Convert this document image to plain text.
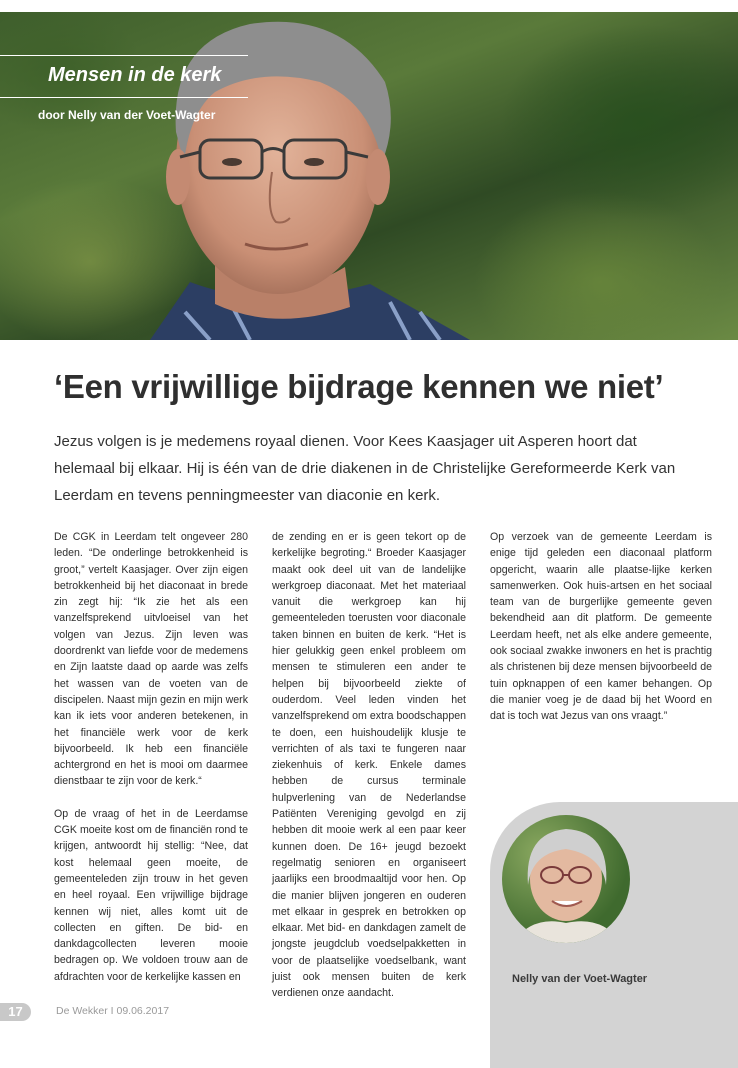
Mensen in de kerk
door Nelly van der Voet-Wagter
‘Een vrijwillige bijdrage kennen we niet’
Jezus volgen is je medemens royaal dienen. Voor Kees Kaasjager uit Asperen hoort dat helemaal bij elkaar. Hij is één van de drie diakenen in de Christelijke Gereformeerde Kerk van Leerdam en tevens penningmeester van diaconie en kerk.

De CGK in Leerdam telt ongeveer 280 leden. “De onderlinge betrokkenheid is groot,” vertelt Kaasjager. Over zijn eigen betrokkenheid bij het diaconaat in brede zin zegt hij: “Ik zie het als een vanzelfsprekend uitvloeisel van het volgen van Jezus. Zijn leven was doordrenkt van liefde voor de medemens en Zijn laatste daad op aarde was zelfs het wassen van de voeten van de discipelen. Naast mijn gezin en mijn werk kan ik iets voor anderen betekenen, in het financiële werk voor de kerk bijvoorbeeld. Ik heb een financiële achtergrond en het is mooi om daarmee dienstbaar te zijn voor de kerk.“

Op de vraag of het in de Leerdamse CGK moeite kost om de financiën rond te krijgen, antwoordt hij stellig: “Nee, dat kost helemaal geen moeite, de gemeenteleden zijn trouw in het geven en heel royaal. Een vrijwillige bijdrage kennen wij niet, alles komt uit de collecten en giften. De bid- en dankdagcollecten leveren mooie bedragen op. We voldoen trouw aan de afdrachten voor de kerkelijke kassen en

de zending en er is geen tekort op de kerkelijke begroting.“ Broeder Kaasjager maakt ook deel uit van de landelijke werkgroep diaconaat. Met het materiaal vanuit die werkgroep kan hij gemeenteleden toerusten voor diaconale taken binnen en buiten de kerk. “Het is hier gelukkig geen enkel probleem om mensen te stimuleren een ander te helpen bij bijvoorbeeld ziekte of ouderdom. Veel leden vinden het vanzelfsprekend om extra boodschappen te doen, een huishoudelijk klusje te verrichten of als taxi te fungeren naar ziekenhuis of kerk. Enkele dames hebben de cursus terminale hulpverlening van de Nederlandse Patiënten Vereniging gevolgd en zij hebben dit mooie werk al een paar keer kunnen doen. De 16+ jeugd bezoekt regelmatig senioren en organiseert jaarlijks een broodmaaltijd voor hen. Op die manier blijven jongeren en ouderen met elkaar in gesprek en betrokken op elkaar. Met bid- en dankdagen zamelt de jongste jeugdclub voedselpakketten in voor de plaatselijke voedselbank, want juist ook mensen buiten de kerk verdienen onze aandacht.

Op verzoek van de gemeente Leerdam is enige tijd geleden een diaconaal platform opgericht, waarin alle plaatse-lijke kerken samenwerken. Ook huis-artsen en het sociaal team van de burgerlijke gemeente geven bekendheid aan dit platform. De gemeente Leerdam heeft, net als elke andere gemeente, ook sociaal zwakke inwoners en het is prachtig als christenen bij deze mensen bijvoorbeeld de tuin opknappen of een kamer behangen. Op die manier voeg je de daad bij het Woord en dat is toch wat Jezus van ons vraagt.”

Nelly van der Voet-Wagter
17	De Wekker I 09.06.2017
